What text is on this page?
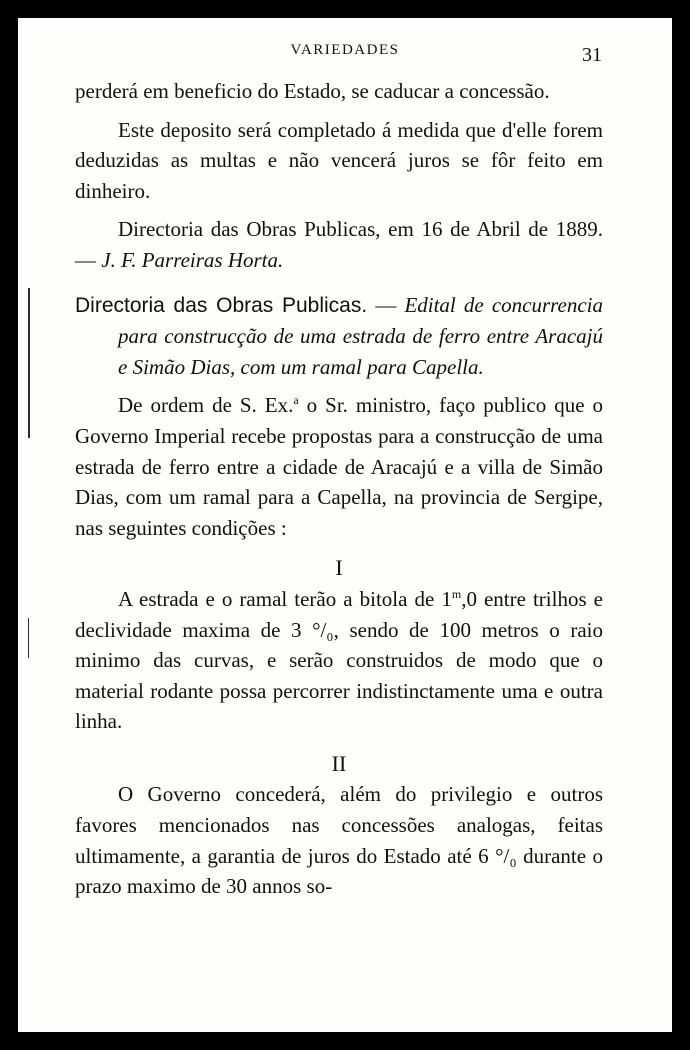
VARIEDADES	31

perderá em beneficio do Estado, se caducar a concessão.

Este deposito será completado á medida que d'elle forem deduzidas as multas e não vencerá juros se fôr feito em dinheiro.

Directoria das Obras Publicas, em 16 de Abril de 1889. — J. F. Parreiras Horta.

Directoria das Obras Publicas. — Edital de concurrencia para construcção de uma estrada de ferro entre Aracajú e Simão Dias, com um ramal para Capella.

De ordem de S. Ex.$^a$ o Sr. ministro, faço publico que o Governo Imperial recebe propostas para a construcção de uma estrada de ferro entre a cidade de Aracajú e a villa de Simão Dias, com um ramal para a Capella, na provincia de Sergipe, nas seguintes condições :

I

A estrada e o ramal terão a bitola de 1$^m$,0 entre trilhos e declividade maxima de 3 °/₀, sendo de 100 metros o raio minimo das curvas, e serão construidos de modo que o material rodante possa percorrer indistinctamente uma e outra linha.

II

O Governo concederá, além do privilegio e outros favores mencionados nas concessões analogas, feitas ultimamente, a garantia de juros do Estado até 6 °/₀ durante o prazo maximo de 30 annos so-
